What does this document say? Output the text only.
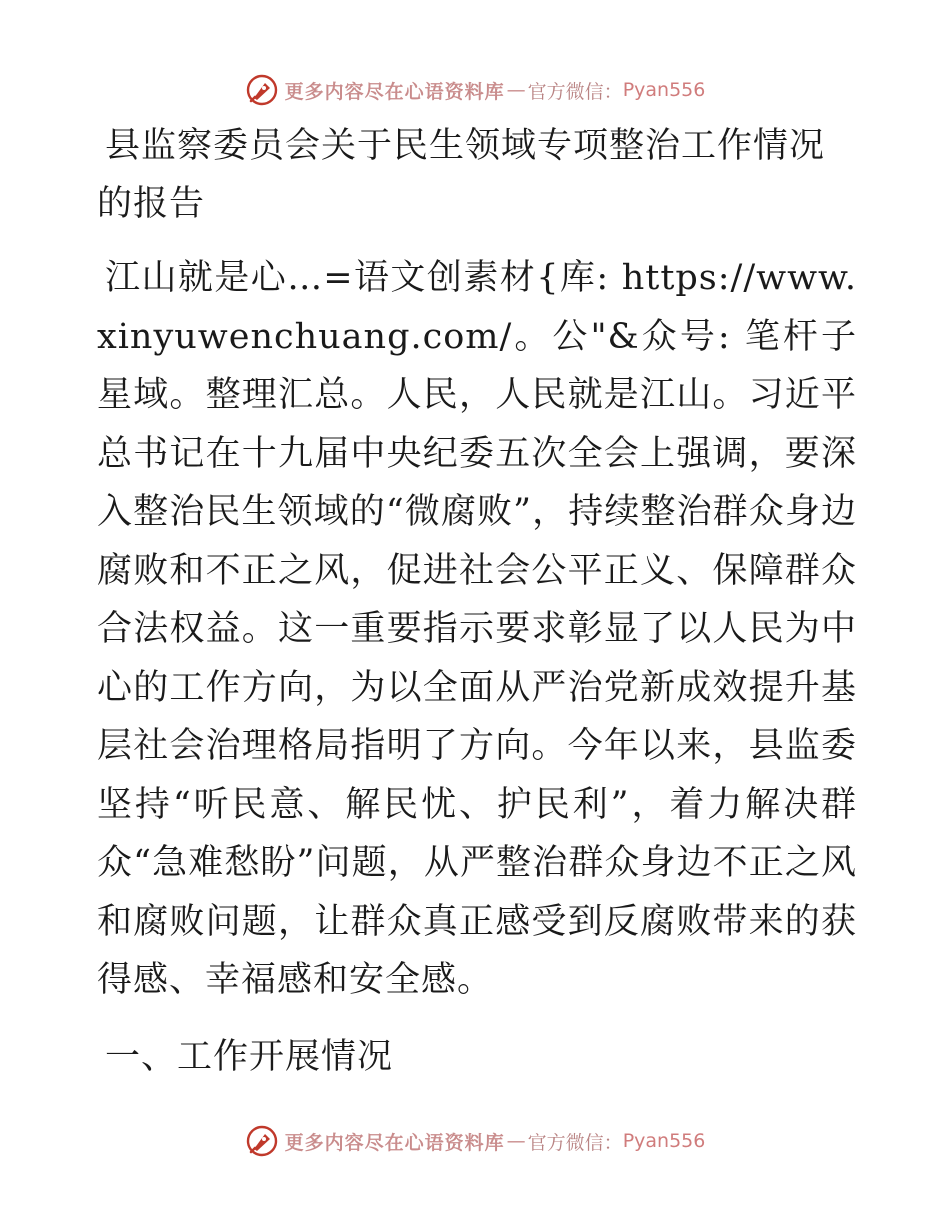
更多内容尽在心语资料库 — 官方微信： Pyan556
县监察委员会关于民生领域专项整治工作情况的报告

江山就是心…=语文创素材{库: https://www.xinyuwenchuang.com/。公"&众号: 笔杆子星域。整理汇总。人民，人民就是江山。习近平总书记在十九届中央纪委五次全会上强调，要深入整治民生领域的“微腐败”，持续整治群众身边腐败和不正之风，促进社会公平正义、保障群众合法权益。这一重要指示要求彰显了以人民为中心的工作方向，为以全面从严治党新成效提升基层社会治理格局指明了方向。今年以来，县监委坚持“听民意、解民忧、护民利”，着力解决群众“急难愁盼”问题，从严整治群众身边不正之风和腐败问题，让群众真正感受到反腐败带来的获得感、幸福感和安全感。

一、工作开展情况
更多内容尽在心语资料库 — 官方微信： Pyan556
